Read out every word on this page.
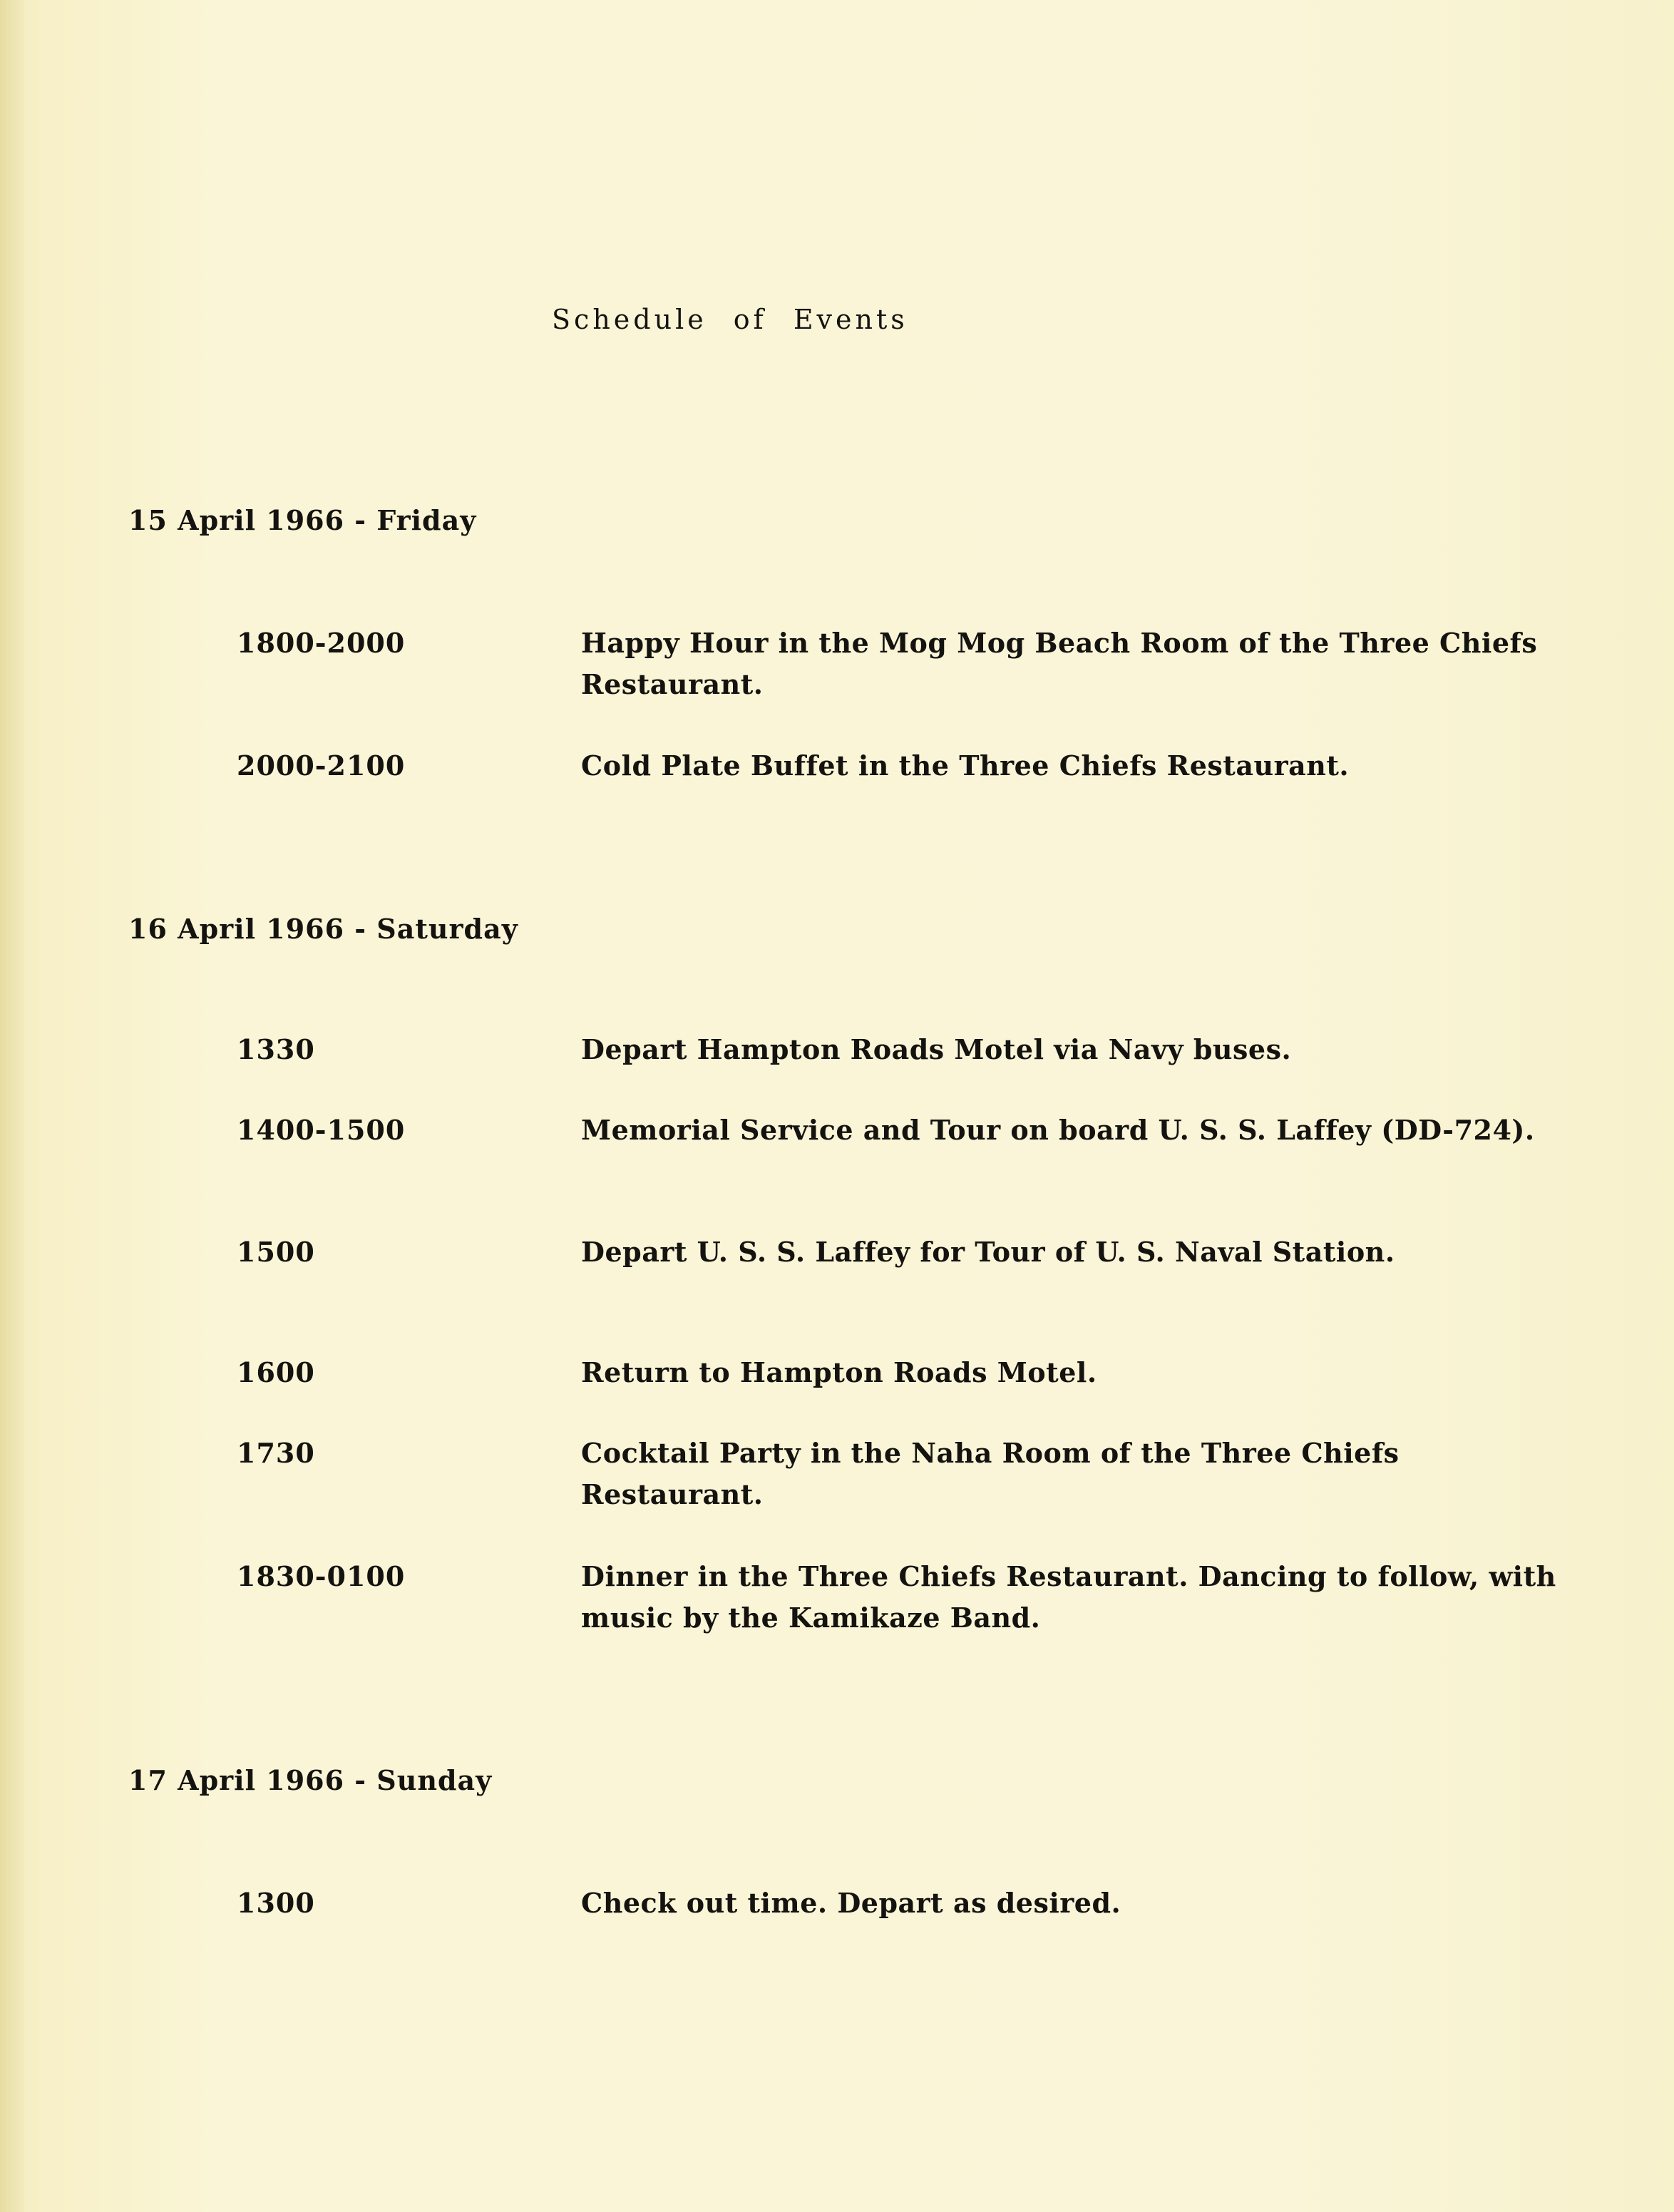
Schedule of Events
15 April 1966 - Friday
1800-2000	Happy Hour in the Mog Mog Beach Room of the Three Chiefs Restaurant.
2000-2100	Cold Plate Buffet in the Three Chiefs Restaurant.
16 April 1966 - Saturday
1330	Depart Hampton Roads Motel via Navy buses.
1400-1500	Memorial Service and Tour on board U. S. S. Laffey (DD-724).
1500	Depart U. S. S. Laffey for Tour of U. S. Naval Station.
1600	Return to Hampton Roads Motel.
1730	Cocktail Party in the Naha Room of the Three Chiefs Restaurant.
1830-0100	Dinner in the Three Chiefs Restaurant. Dancing to follow, with music by the Kamikaze Band.
17 April 1966 - Sunday
1300	Check out time. Depart as desired.
